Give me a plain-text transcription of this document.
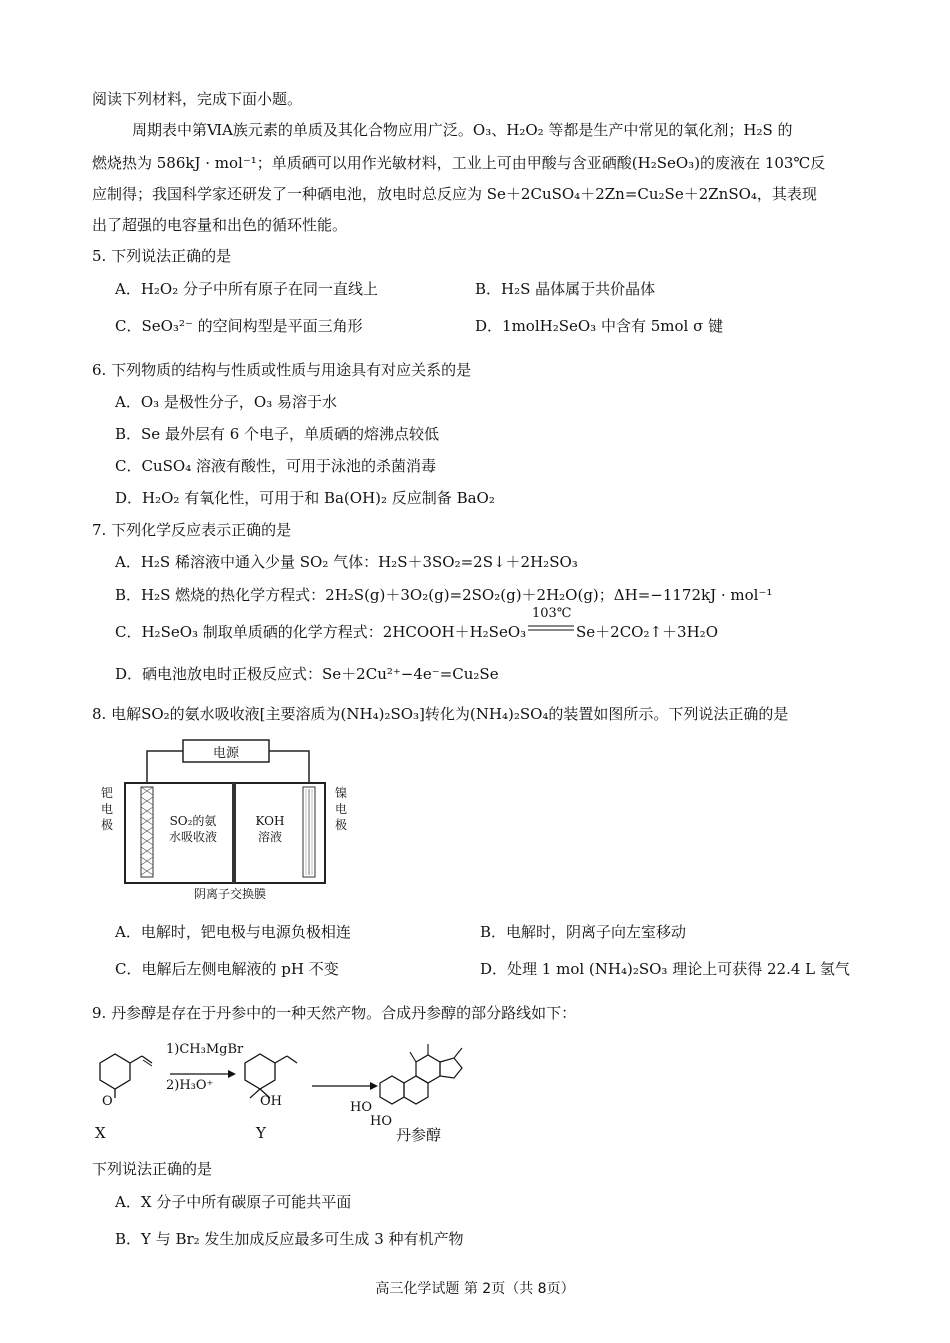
阅读下列材料，完成下面小题。
周期表中第ⅥA族元素的单质及其化合物应用广泛。O₃、H₂O₂ 等都是生产中常见的氧化剂；H₂S 的
燃烧热为 586kJ · mol⁻¹；单质硒可以用作光敏材料，工业上可由甲酸与含亚硒酸(H₂SeO₃)的废液在 103℃反
应制得；我国科学家还研发了一种硒电池，放电时总反应为 Se＋2CuSO₄＋2Zn=Cu₂Se＋2ZnSO₄，其表现
出了超强的电容量和出色的循环性能。
5. 下列说法正确的是
A．H₂O₂ 分子中所有原子在同一直线上	B．H₂S 晶体属于共价晶体
C．SeO₃²⁻ 的空间构型是平面三角形	D．1molH₂SeO₃ 中含有 5mol σ 键
6. 下列物质的结构与性质或性质与用途具有对应关系的是
A．O₃ 是极性分子，O₃ 易溶于水
B．Se 最外层有 6 个电子，单质硒的熔沸点较低
C．CuSO₄ 溶液有酸性，可用于泳池的杀菌消毒
D．H₂O₂ 有氧化性，可用于和 Ba(OH)₂ 反应制备 BaO₂
7. 下列化学反应表示正确的是
A．H₂S 稀溶液中通入少量 SO₂ 气体：H₂S＋3SO₂=2S↓＋2H₂SO₃
B．H₂S 燃烧的热化学方程式：2H₂S(g)＋3O₂(g)=2SO₂(g)＋2H₂O(g)；ΔH=−1172kJ · mol⁻¹
C．H₂SeO₃ 制取单质硒的化学方程式：2HCOOH＋H₂SeO₃
103℃
Se＋2CO₂↑＋3H₂O
D．硒电池放电时正极反应式：Se＋2Cu²⁺−4e⁻=Cu₂Se
8. 电解SO₂的氨水吸收液[主要溶质为(NH₄)₂SO₃]转化为(NH₄)₂SO₄的装置如图所示。下列说法正确的是
电源
钯
电
极
镍
电
极
SO₂的氨
水吸收液
KOH
溶液
阴离子交换膜
A．电解时，钯电极与电源负极相连	B．电解时，阴离子向左室移动
C．电解后左侧电解液的 pH 不变	D．处理 1 mol (NH₄)₂SO₃ 理论上可获得 22.4 L 氢气
9. 丹参醇是存在于丹参中的一种天然产物。合成丹参醇的部分路线如下：
O
1)CH₃MgBr
2)H₃O⁺
OH	HO
HO
丹参醇
X	Y
下列说法正确的是
A．X 分子中所有碳原子可能共平面
B．Y 与 Br₂ 发生加成反应最多可生成 3 种有机产物
高三化学试题 第 2页（共 8页）
